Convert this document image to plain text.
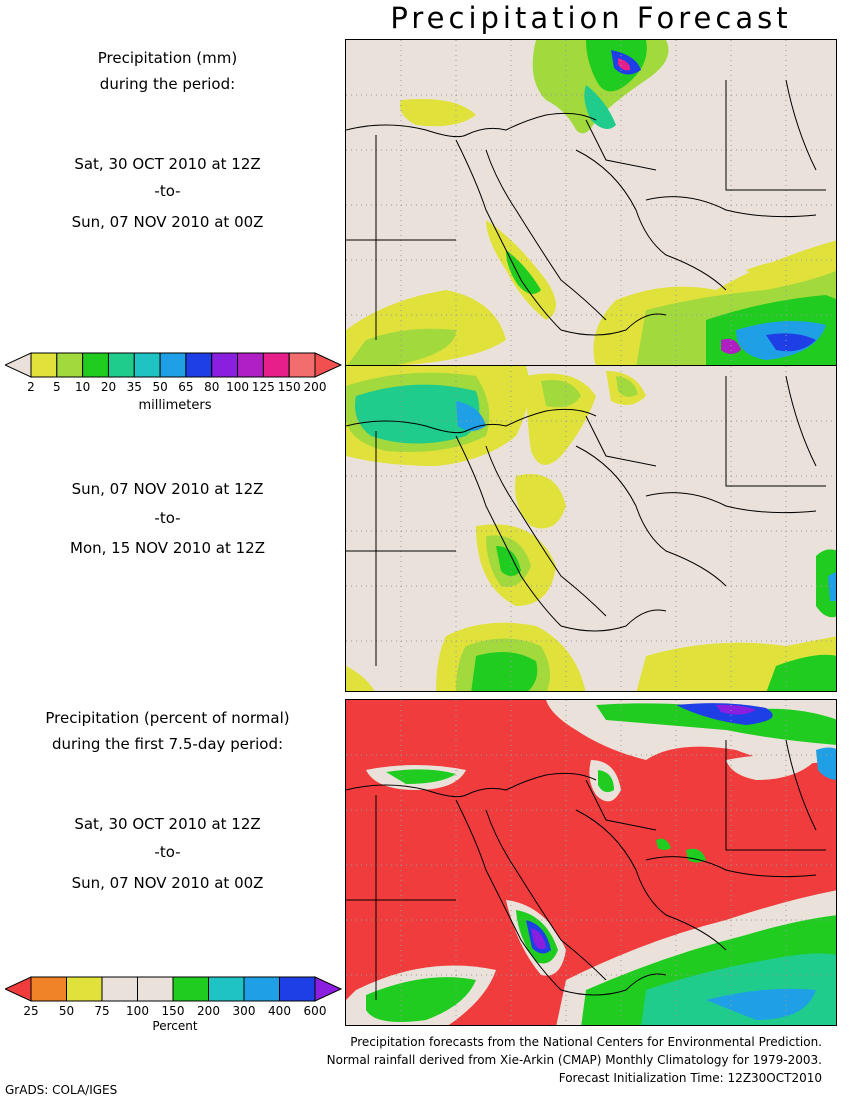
Precipitation Forecast
Precipitation (mm)
during the period:
Sat, 30 OCT 2010 at 12Z
-to-
Sun, 07 NOV 2010 at 00Z
2	5	10 20 35 50 65 80 100 125 150 200
millimeters
Sun, 07 NOV 2010 at 12Z
-to-
Mon, 15 NOV 2010 at 12Z
Precipitation (percent of normal)
during the first 7.5-day period:
Sat, 30 OCT 2010 at 12Z
-to-
Sun, 07 NOV 2010 at 00Z
25	50	75	100	150	200	300	400	600
Percent
Precipitation forecasts from the National Centers for Environmental Prediction.
Normal rainfall derived from Xie-Arkin (CMAP) Monthly Climatology for 1979-2003.
Forecast Initialization Time: 12Z30OCT2010
GrADS: COLA/IGES
